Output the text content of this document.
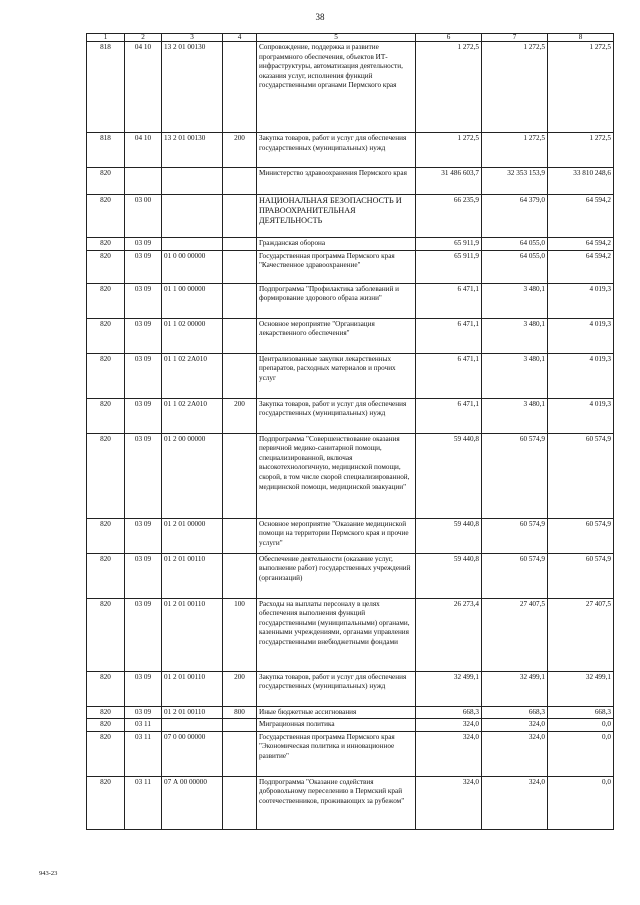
38
1	2	3	4	5	6	7	8
818	04 10	13 2 01 00130		Сопровождение, поддержка и развитие программного обеспечения, объектов ИТ-инфраструктуры, автоматизация деятельности, оказания услуг, исполнения функций государственными органами Пермского края	1 272,5	1 272,5	1 272,5
818	04 10	13 2 01 00130	200	Закупка товаров, работ и услуг для обеспечения государственных (муниципальных) нужд	1 272,5	1 272,5	1 272,5
820				Министерство здравоохранения Пермского края	31 486 603,7	32 353 153,9	33 810 248,6
820	03 00			НАЦИОНАЛЬНАЯ БЕЗОПАСНОСТЬ И ПРАВООХРАНИТЕЛЬНАЯ ДЕЯТЕЛЬНОСТЬ	66 235,9	64 379,0	64 594,2
820	03 09			Гражданская оборона	65 911,9	64 055,0	64 594,2
820	03 09	01 0 00 00000		Государственная программа Пермского края "Качественное здравоохранение"	65 911,9	64 055,0	64 594,2
820	03 09	01 1 00 00000		Подпрограмма "Профилактика заболеваний и формирование здорового образа жизни"	6 471,1	3 480,1	4 019,3
820	03 09	01 1 02 00000		Основное мероприятие "Организация лекарственного обеспечения"	6 471,1	3 480,1	4 019,3
820	03 09	01 1 02 2А010		Централизованные закупки лекарственных препаратов, расходных материалов и прочих услуг	6 471,1	3 480,1	4 019,3
820	03 09	01 1 02 2А010	200	Закупка товаров, работ и услуг для обеспечения государственных (муниципальных) нужд	6 471,1	3 480,1	4 019,3
820	03 09	01 2 00 00000		Подпрограмма "Совершенствование оказания первичной медико-санитарной помощи, специализированной, включая высокотехнологичную, медицинской помощи, скорой, в том числе скорой специализированной, медицинской помощи, медицинской эвакуации"	59 440,8	60 574,9	60 574,9
820	03 09	01 2 01 00000		Основное мероприятие "Оказание медицинской помощи на территории Пермского края и прочие услуги"	59 440,8	60 574,9	60 574,9
820	03 09	01 2 01 00110		Обеспечение деятельности (оказание услуг, выполнение работ) государственных учреждений (организаций)	59 440,8	60 574,9	60 574,9
820	03 09	01 2 01 00110	100	Расходы на выплаты персоналу в целях обеспечения выполнения функций государственными (муниципальными) органами, казенными учреждениями, органами управления государственными внебюджетными фондами	26 273,4	27 407,5	27 407,5
820	03 09	01 2 01 00110	200	Закупка товаров, работ и услуг для обеспечения государственных (муниципальных) нужд	32 499,1	32 499,1	32 499,1
820	03 09	01 2 01 00110	800	Иные бюджетные ассигнования	668,3	668,3	668,3
820	03 11			Миграционная политика	324,0	324,0	0,0
820	03 11	07 0 00 00000		Государственная программа Пермского края "Экономическая политика и инновационное развитие"	324,0	324,0	0,0
820	03 11	07 А 00 00000		Подпрограмма "Оказание содействия добровольному переселению в Пермский край соотечественников, проживающих за рубежом"	324,0	324,0	0,0
943-23
